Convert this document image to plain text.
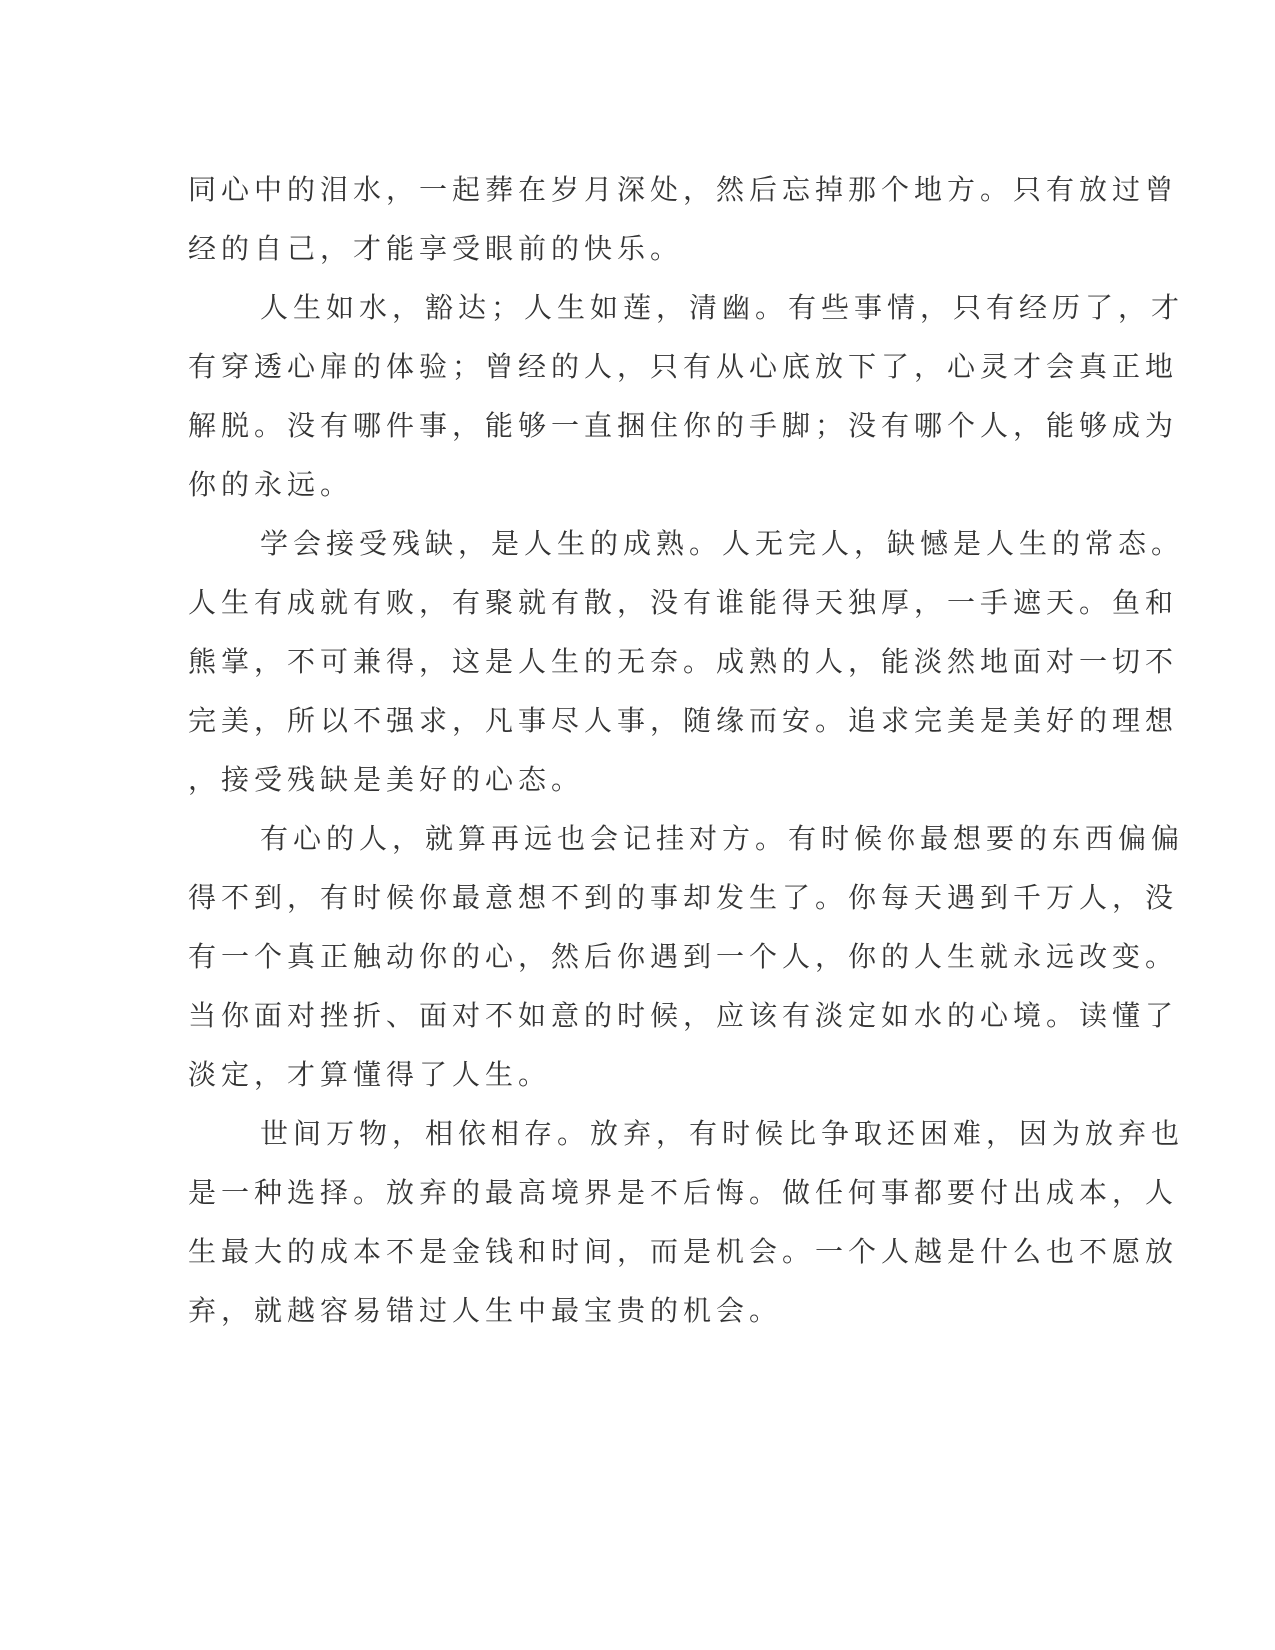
同心中的泪水，一起葬在岁月深处，然后忘掉那个地方。只有放过曾
经的自己，才能享受眼前的快乐。
人生如水，豁达；人生如莲，清幽。有些事情，只有经历了，才
有穿透心扉的体验；曾经的人，只有从心底放下了，心灵才会真正地
解脱。没有哪件事，能够一直捆住你的手脚；没有哪个人，能够成为
你的永远。
学会接受残缺，是人生的成熟。人无完人，缺憾是人生的常态。
人生有成就有败，有聚就有散，没有谁能得天独厚，一手遮天。鱼和
熊掌，不可兼得，这是人生的无奈。成熟的人，能淡然地面对一切不
完美，所以不强求，凡事尽人事，随缘而安。追求完美是美好的理想
，接受残缺是美好的心态。
有心的人，就算再远也会记挂对方。有时候你最想要的东西偏偏
得不到，有时候你最意想不到的事却发生了。你每天遇到千万人，没
有一个真正触动你的心，然后你遇到一个人，你的人生就永远改变。
当你面对挫折、面对不如意的时候，应该有淡定如水的心境。读懂了
淡定，才算懂得了人生。
世间万物，相依相存。放弃，有时候比争取还困难，因为放弃也
是一种选择。放弃的最高境界是不后悔。做任何事都要付出成本，人
生最大的成本不是金钱和时间，而是机会。一个人越是什么也不愿放
弃，就越容易错过人生中最宝贵的机会。
